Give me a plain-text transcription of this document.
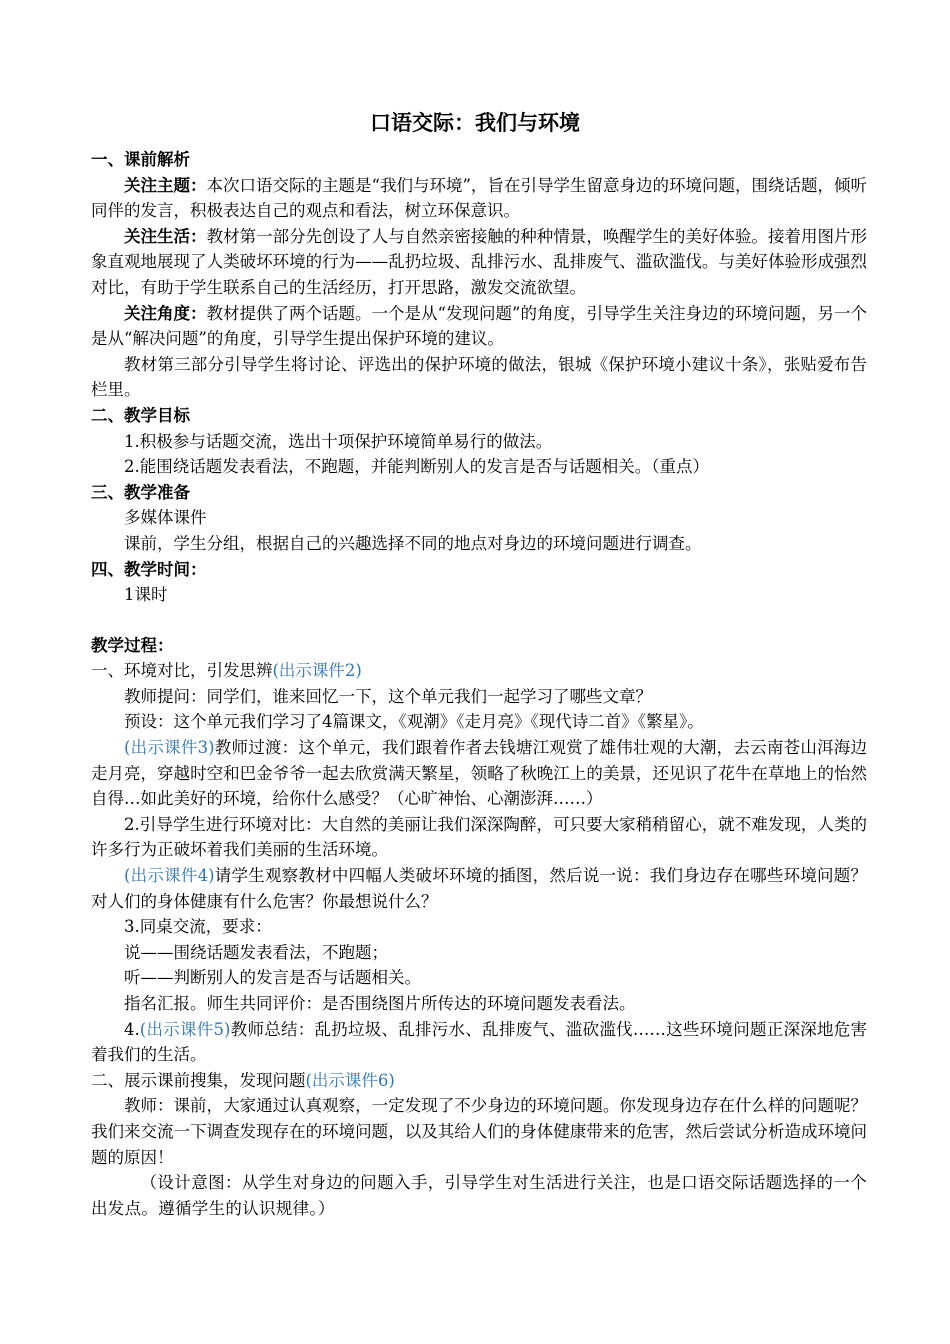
口语交际：我们与环境

一、课前解析

关注主题：本次口语交际的主题是“我们与环境”，旨在引导学生留意身边的环境问题，围绕话题，倾听同伴的发言，积极表达自己的观点和看法，树立环保意识。

关注生活：教材第一部分先创设了人与自然亲密接触的种种情景，唤醒学生的美好体验。接着用图片形象直观地展现了人类破坏环境的行为——乱扔垃圾、乱排污水、乱排废气、滥砍滥伐。与美好体验形成强烈对比，有助于学生联系自己的生活经历，打开思路，激发交流欲望。

关注角度：教材提供了两个话题。一个是从“发现问题”的角度，引导学生关注身边的环境问题，另一个是从“解决问题”的角度，引导学生提出保护环境的建议。

教材第三部分引导学生将讨论、评选出的保护环境的做法，银城《保护环境小建议十条》，张贴爱布告栏里。

二、教学目标

1.积极参与话题交流，选出十项保护环境简单易行的做法。

2.能围绕话题发表看法，不跑题，并能判断别人的发言是否与话题相关。（重点）

三、教学准备

多媒体课件

课前，学生分组，根据自己的兴趣选择不同的地点对身边的环境问题进行调查。

四、教学时间：

1课时

教学过程：

一、环境对比，引发思辨(出示课件2)

教师提问：同学们，谁来回忆一下，这个单元我们一起学习了哪些文章？

预设：这个单元我们学习了4篇课文，《观潮》《走月亮》《现代诗二首》《繁星》。

(出示课件3)教师过渡：这个单元，我们跟着作者去钱塘江观赏了雄伟壮观的大潮，去云南苍山洱海边走月亮，穿越时空和巴金爷爷一起去欣赏满天繁星，领略了秋晚江上的美景，还见识了花牛在草地上的怡然自得…如此美好的环境，给你什么感受？（心旷神怡、心潮澎湃……）

2.引导学生进行环境对比：大自然的美丽让我们深深陶醉，可只要大家稍稍留心，就不难发现，人类的许多行为正破坏着我们美丽的生活环境。

(出示课件4)请学生观察教材中四幅人类破坏环境的插图，然后说一说：我们身边存在哪些环境问题？对人们的身体健康有什么危害？你最想说什么？

3.同桌交流，要求：

说——围绕话题发表看法，不跑题；

听——判断别人的发言是否与话题相关。

指名汇报。师生共同评价：是否围绕图片所传达的环境问题发表看法。

4.(出示课件5)教师总结：乱扔垃圾、乱排污水、乱排废气、滥砍滥伐……这些环境问题正深深地危害着我们的生活。

二、展示课前搜集，发现问题(出示课件6)

教师：课前，大家通过认真观察，一定发现了不少身边的环境问题。你发现身边存在什么样的问题呢？我们来交流一下调查发现存在的环境问题，以及其给人们的身体健康带来的危害，然后尝试分析造成环境问题的原因！

（设计意图：从学生对身边的问题入手，引导学生对生活进行关注，也是口语交际话题选择的一个出发点。遵循学生的认识规律。）
